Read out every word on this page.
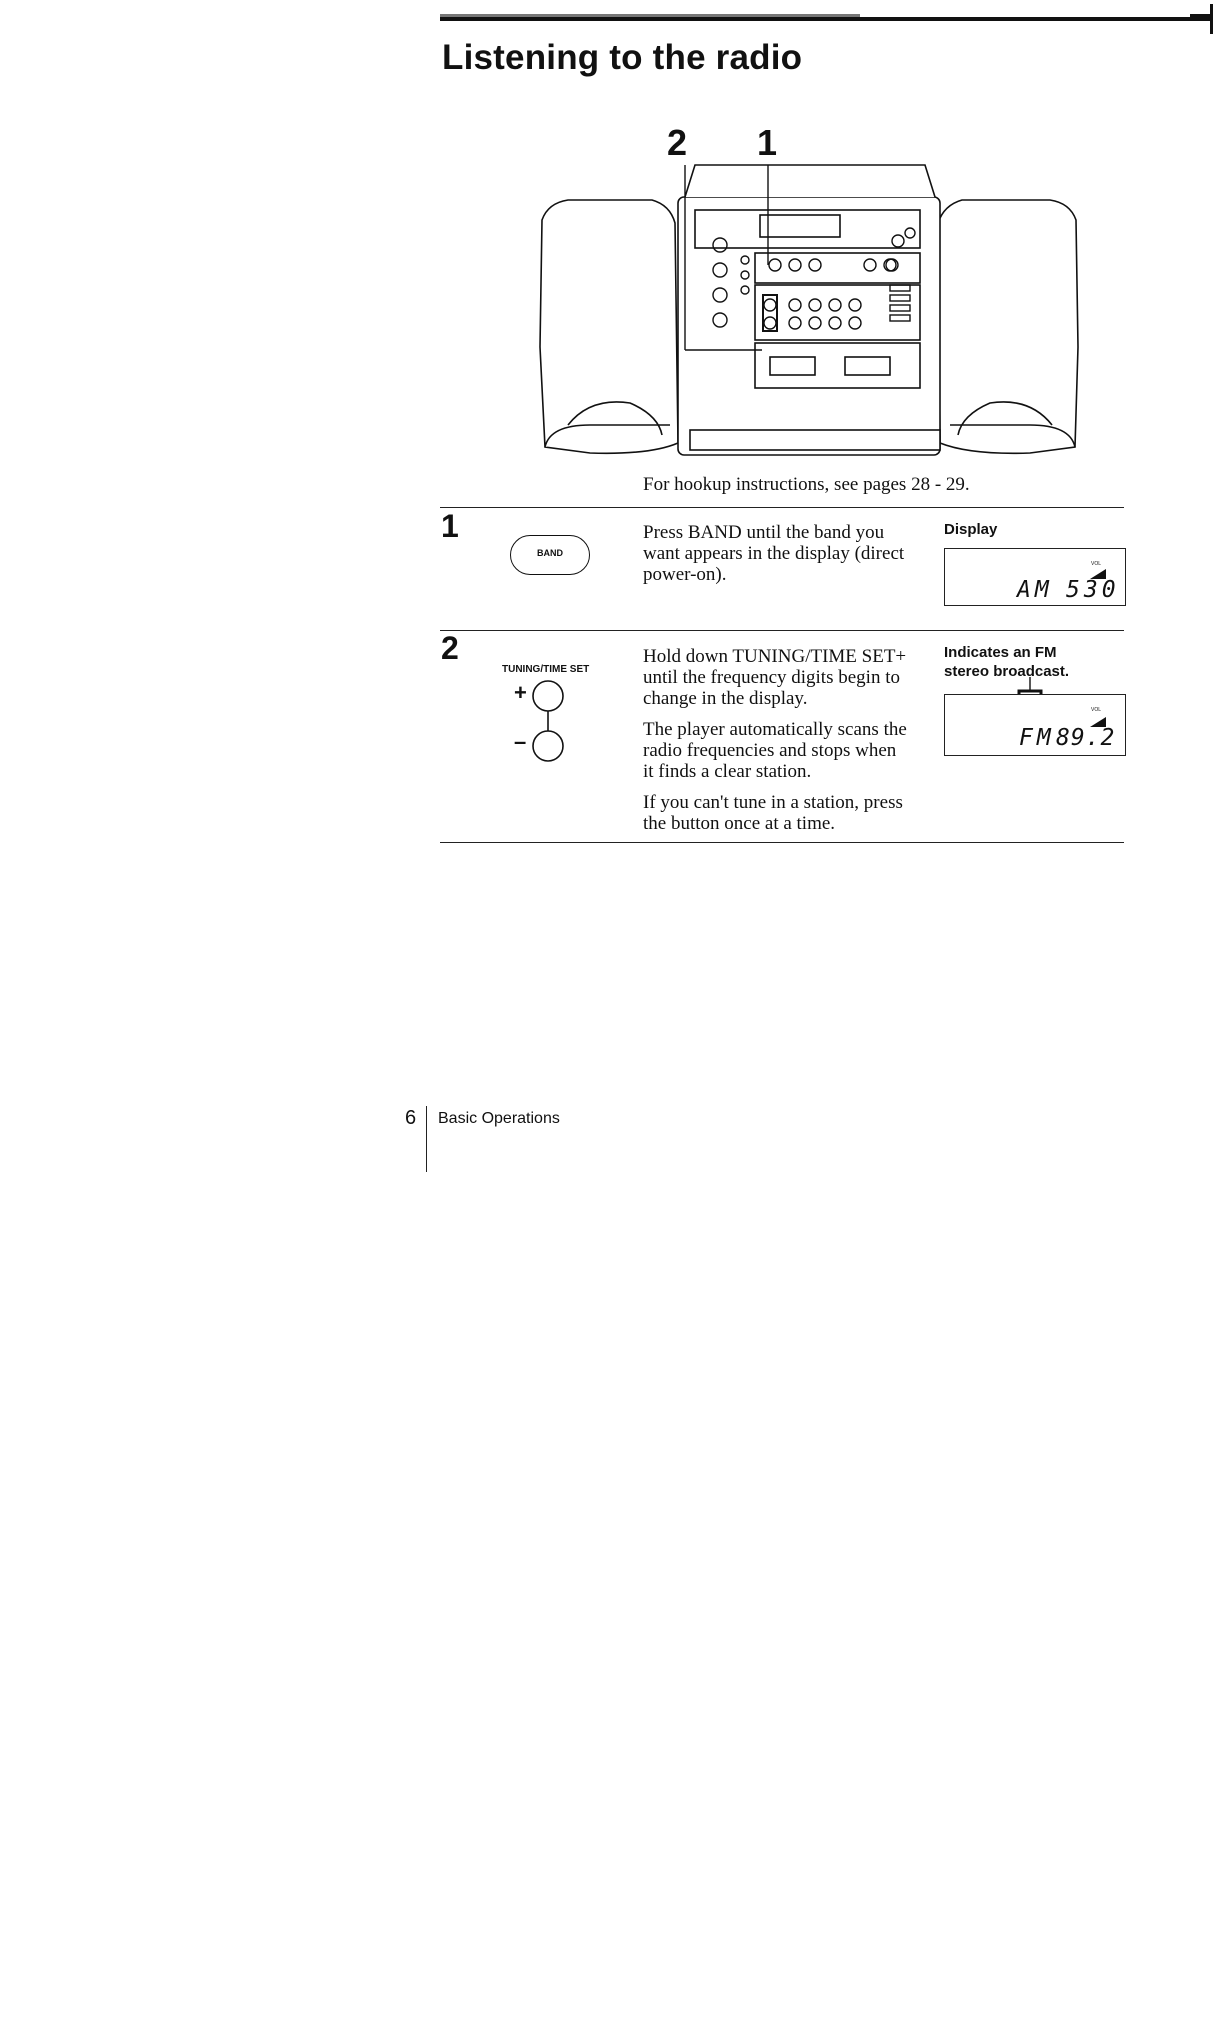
Listening to the radio
2 1
For hookup instructions, see pages 28 - 29.
1
BAND

Press BAND until the band you want appears in the display (direct power-on).

Display
VOL
AM 530
2
TUNING/TIME SET
+
–

Hold down TUNING/TIME SET+ until the frequency digits begin to change in the display.

The player automatically scans the radio frequencies and stops when it finds a clear station.

If you can't tune in a station, press the button once at a time.

Indicates an FM stereo broadcast.
VOL
FM 89.2
6 Basic Operations
